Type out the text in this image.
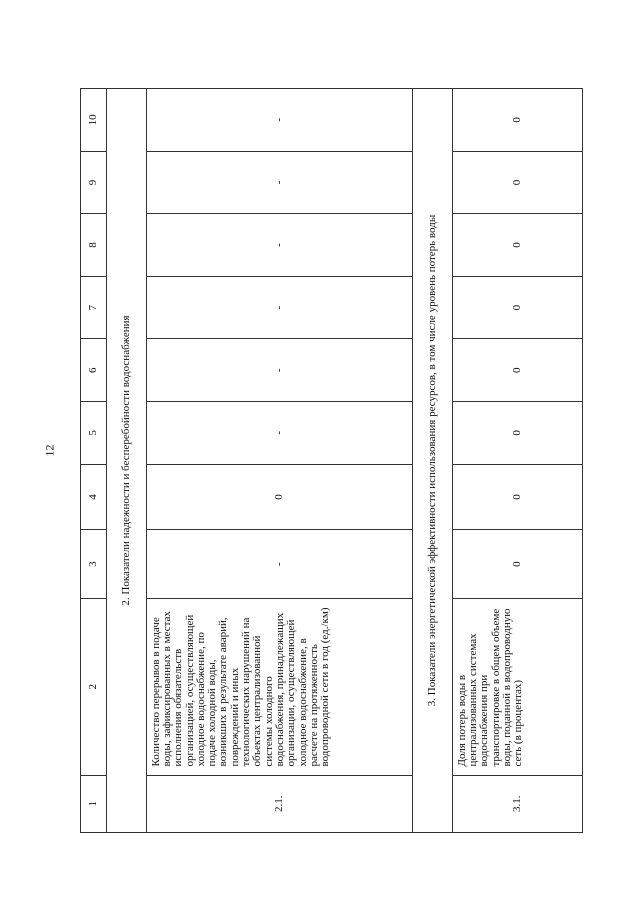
12
1	2	3	4	5	6	7	8	9	10
2. Показатели надежности и бесперебойности водоснабжения									
2.1.	Количество перерывов в подаче воды, зафиксированных в местах исполнения обязательств организацией, осуществляющей холодное водоснабжение, по подаче холодной воды, возникших в результате аварий, повреждений и иных технологических нарушений на объектах централизованной системы холодного водоснабжения, принадлежащих организации, осуществляющей холодное водоснабжение, в расчете на протяженность водопроводной сети в год (ед./км)	-	0	-	-	-	-	-	-
3. Показатели энергетической эффективности использования ресурсов, в том числе уровень потерь воды									
3.1.	Доля потерь воды в централизованных системах водоснабжения при транспортировке в общем объеме воды, поданной в водопроводную сеть (в процентах)	0	0	0	0	0	0	0	0
